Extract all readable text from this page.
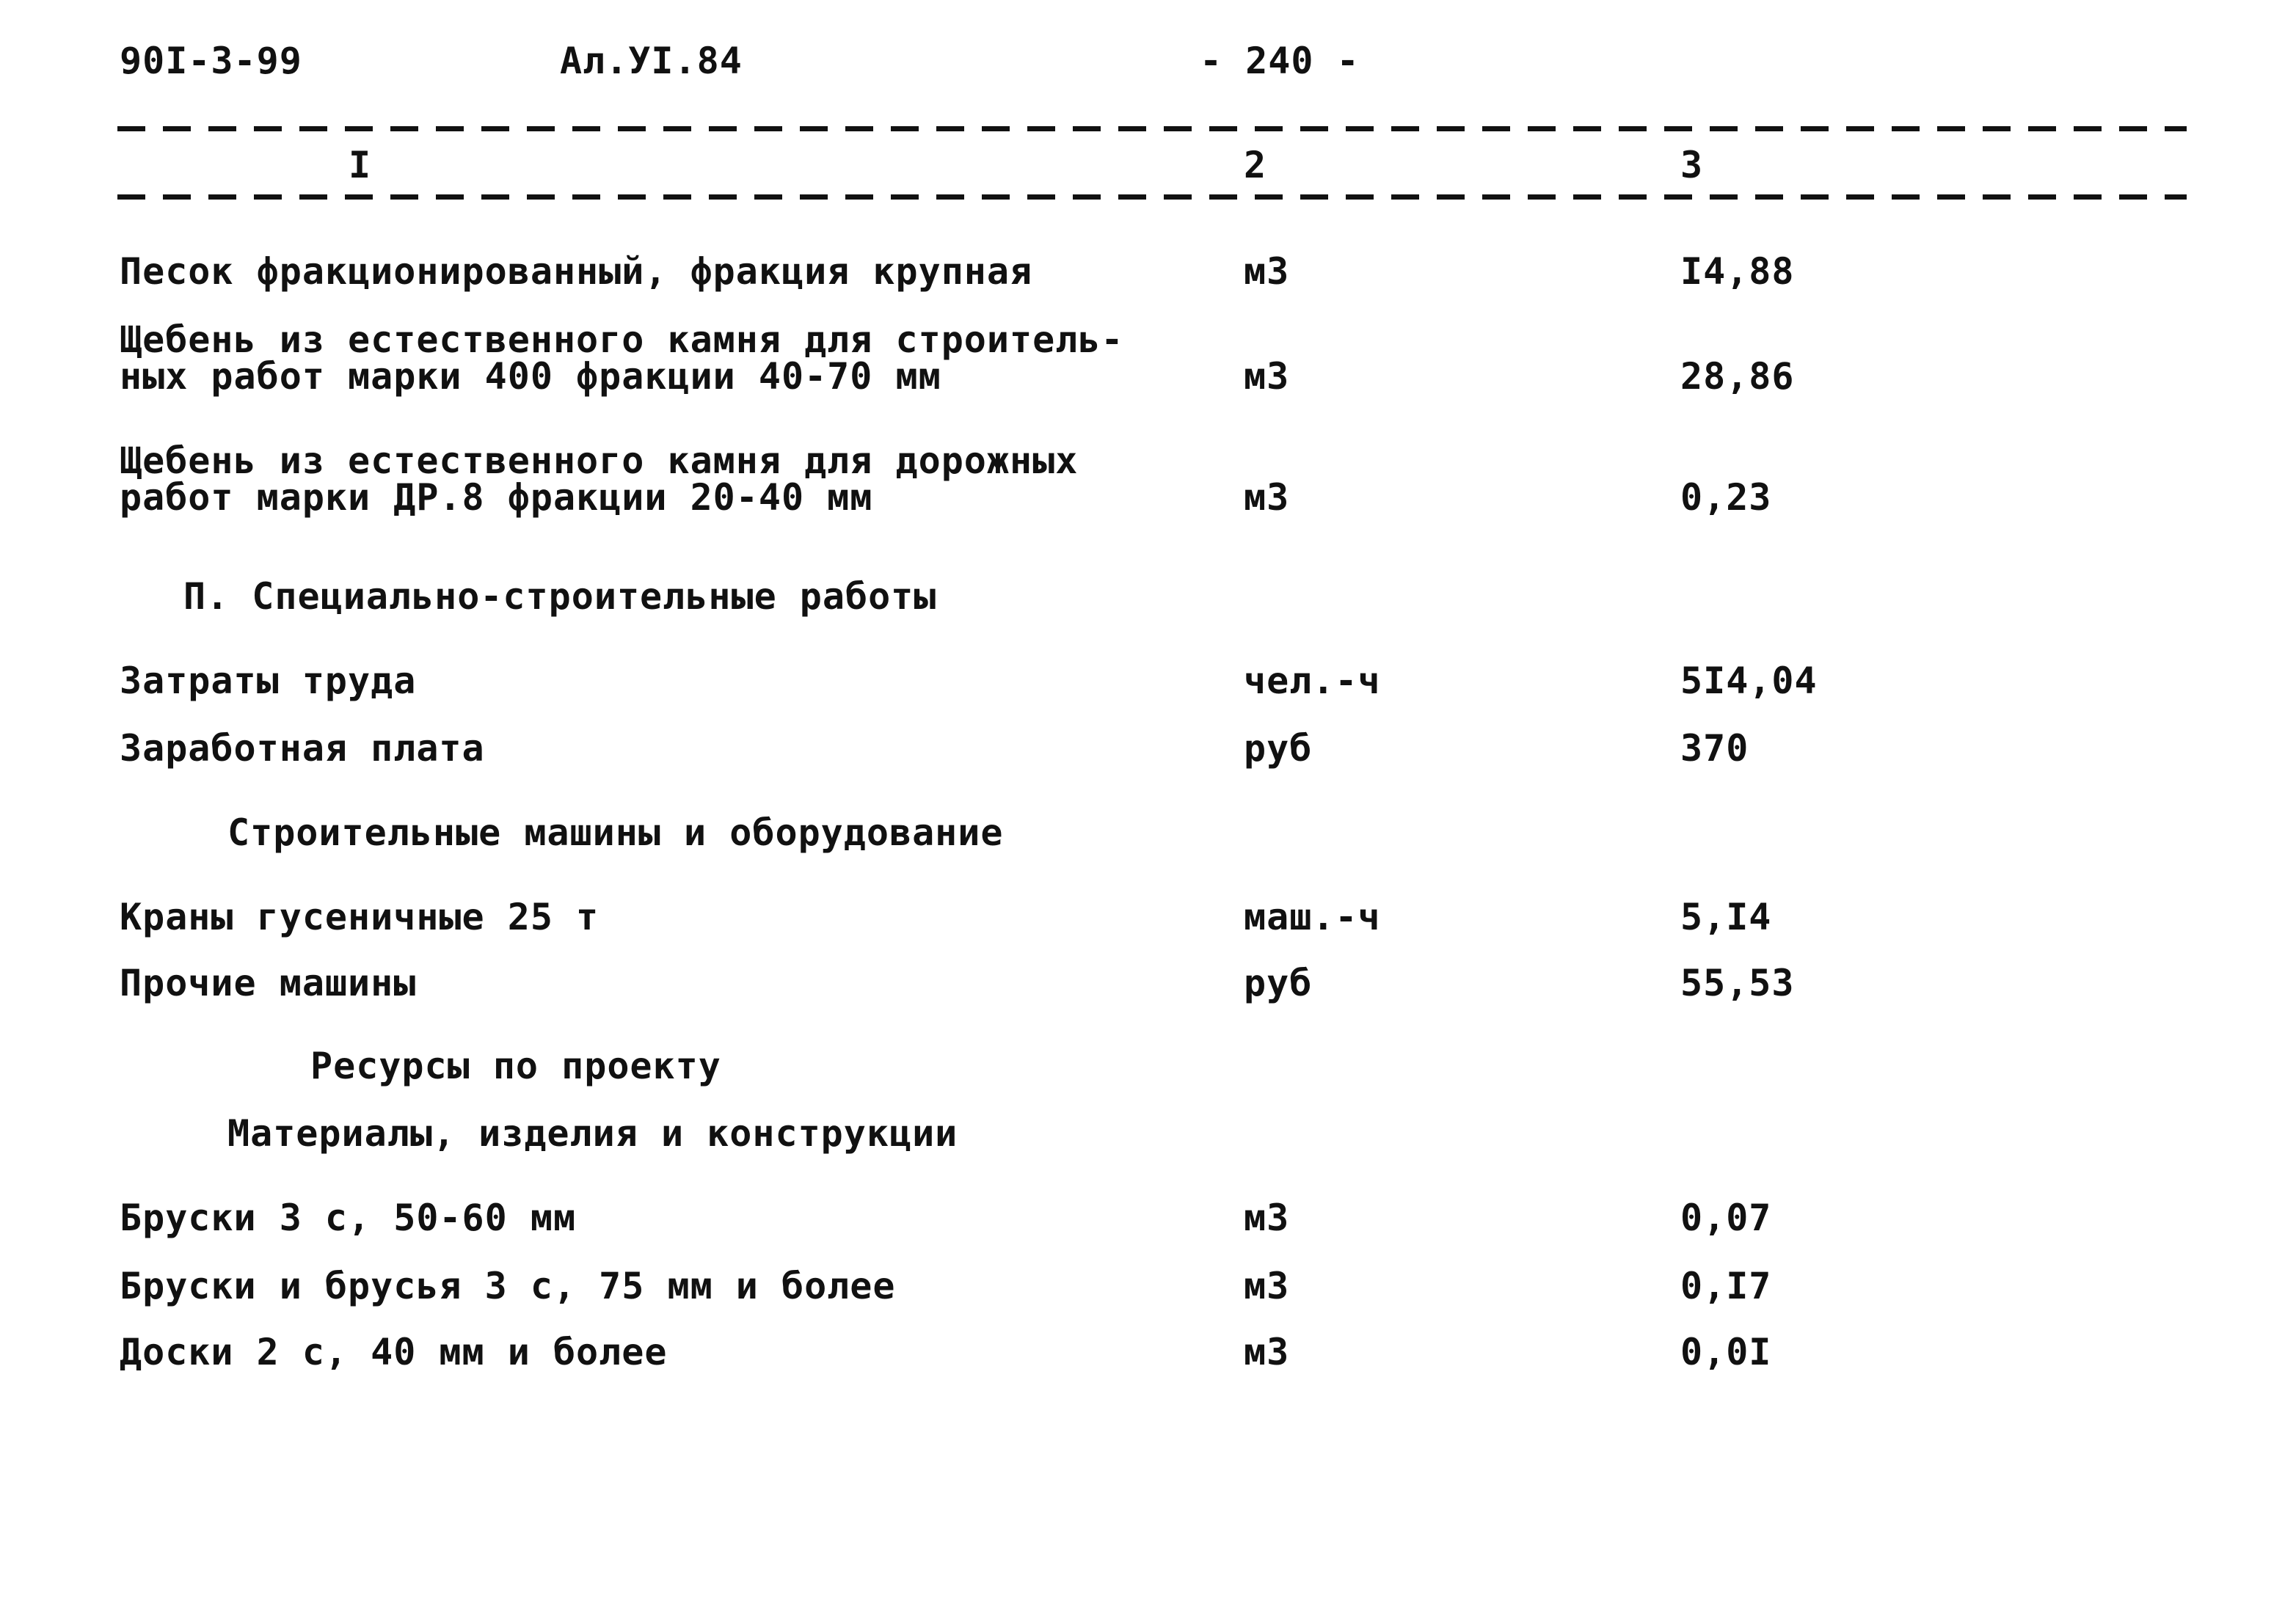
90I-3-99	Ал.УI.84	- 240 -
I	2	3
Песок фракционированный, фракция крупная	м3	I4,88
Щебень из естественного камня для строитель-
ных работ марки 400 фракции 40-70 мм	м3	28,86
Щебень из естественного камня для дорожных
работ марки ДР.8 фракции 20-40 мм	м3	0,23
П. Специально-строительные работы
Затраты труда	чел.-ч	5I4,04
Заработная плата	руб	370
Строительные машины и оборудование
Краны гусеничные 25 т	маш.-ч	5,I4
Прочие машины	руб	55,53
Ресурсы по проекту
Материалы, изделия и конструкции
Бруски 3 с, 50-60 мм	м3	0,07
Бруски и брусья 3 с, 75 мм и более	м3	0,I7
Доски 2 с, 40 мм и более	м3	0,0I
